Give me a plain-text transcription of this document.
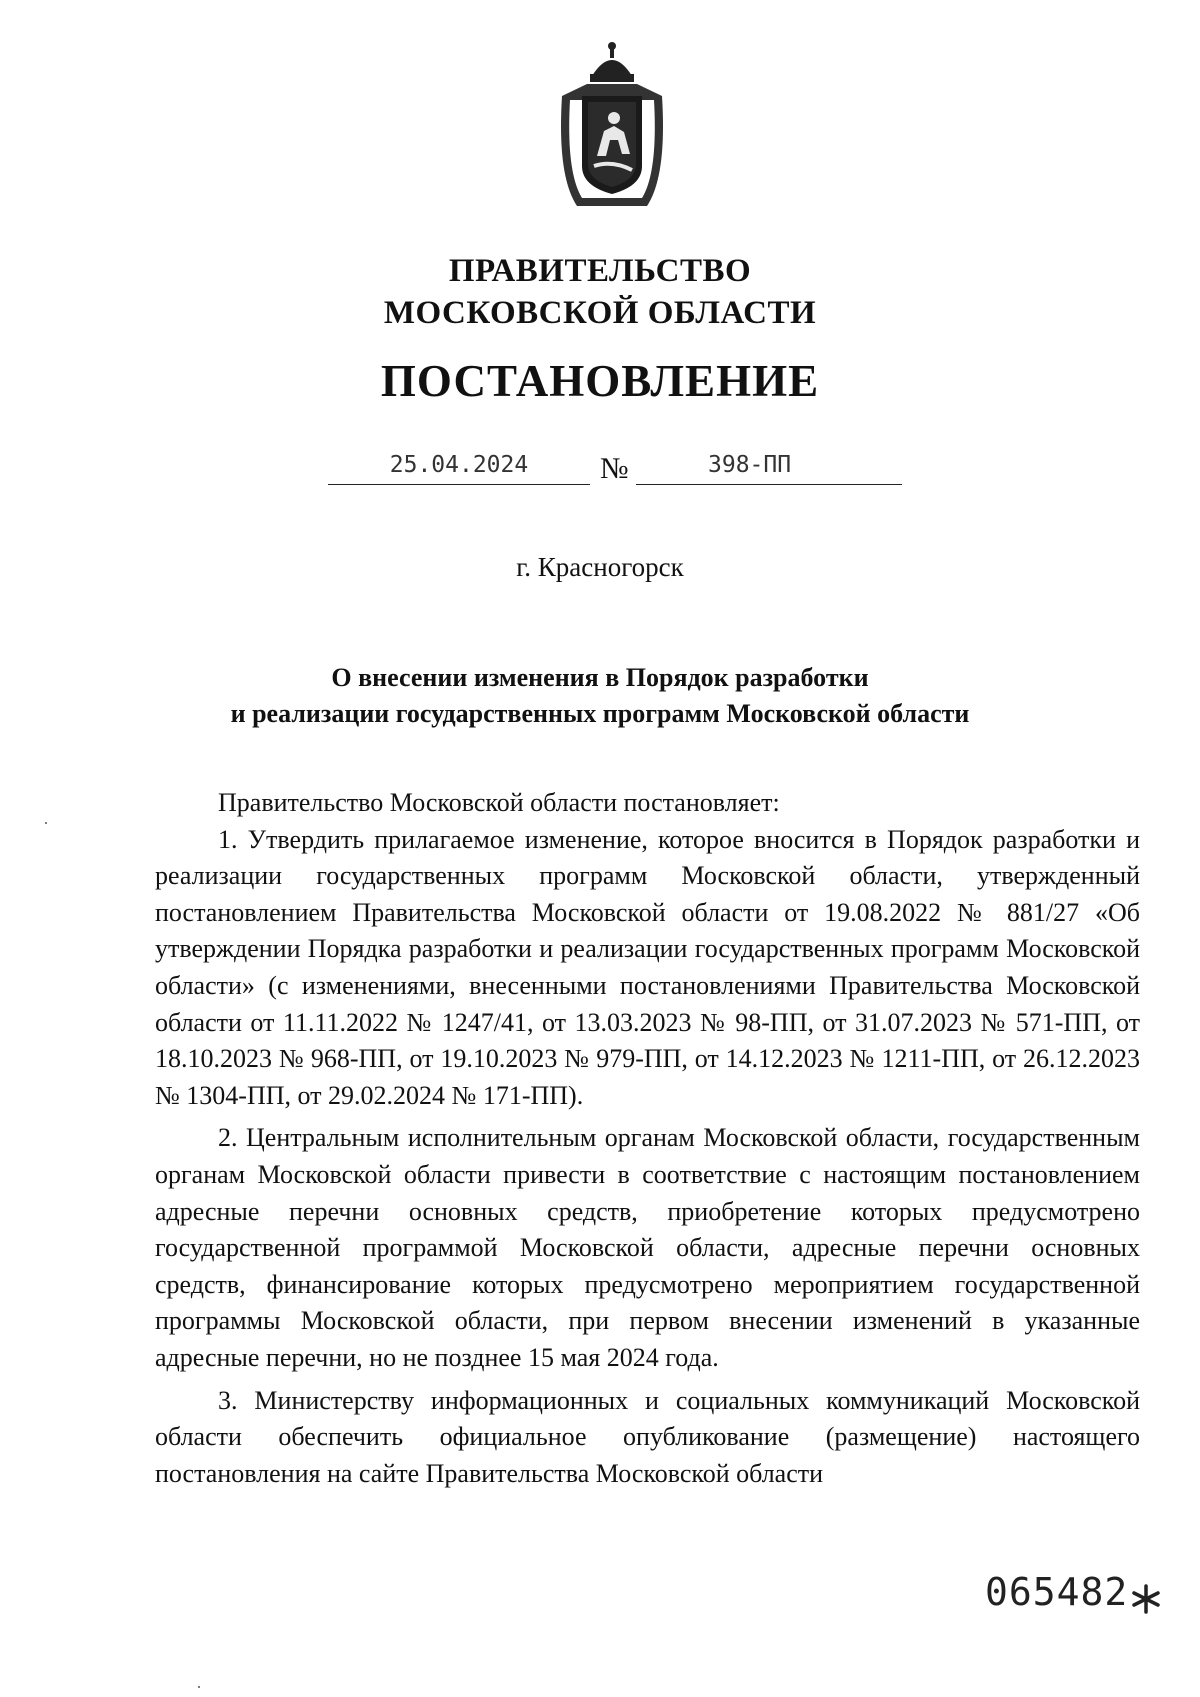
ПРАВИТЕЛЬСТВО
МОСКОВСКОЙ ОБЛАСТИ
ПОСТАНОВЛЕНИЕ
25.04.2024	№	398-ПП
г. Красногорск
О внесении изменения в Порядок разработки
и реализации государственных программ Московской области

Правительство Московской области постановляет:

1. Утвердить прилагаемое изменение, которое вносится в Порядок разработки и реализации государственных программ Московской области, утвержденный постановлением Правительства Московской области от 19.08.2022 № 881/27 «Об утверждении Порядка разработки и реализации государственных программ Московской области» (с изменениями, внесенными постановлениями Правительства Московской области от 11.11.2022 № 1247/41, от 13.03.2023 № 98-ПП, от 31.07.2023 № 571-ПП, от 18.10.2023 № 968-ПП, от 19.10.2023 № 979-ПП, от 14.12.2023 № 1211-ПП, от 26.12.2023 № 1304-ПП, от 29.02.2024 № 171-ПП).

2. Центральным исполнительным органам Московской области, государственным органам Московской области привести в соответствие с настоящим постановлением адресные перечни основных средств, приобретение которых предусмотрено государственной программой Московской области, адресные перечни основных средств, финансирование которых предусмотрено мероприятием государственной программы Московской области, при первом внесении изменений в указанные адресные перечни, но не позднее 15 мая 2024 года.

3. Министерству информационных и социальных коммуникаций Московской области обеспечить официальное опубликование (размещение) настоящего постановления на сайте Правительства Московской области

065482
